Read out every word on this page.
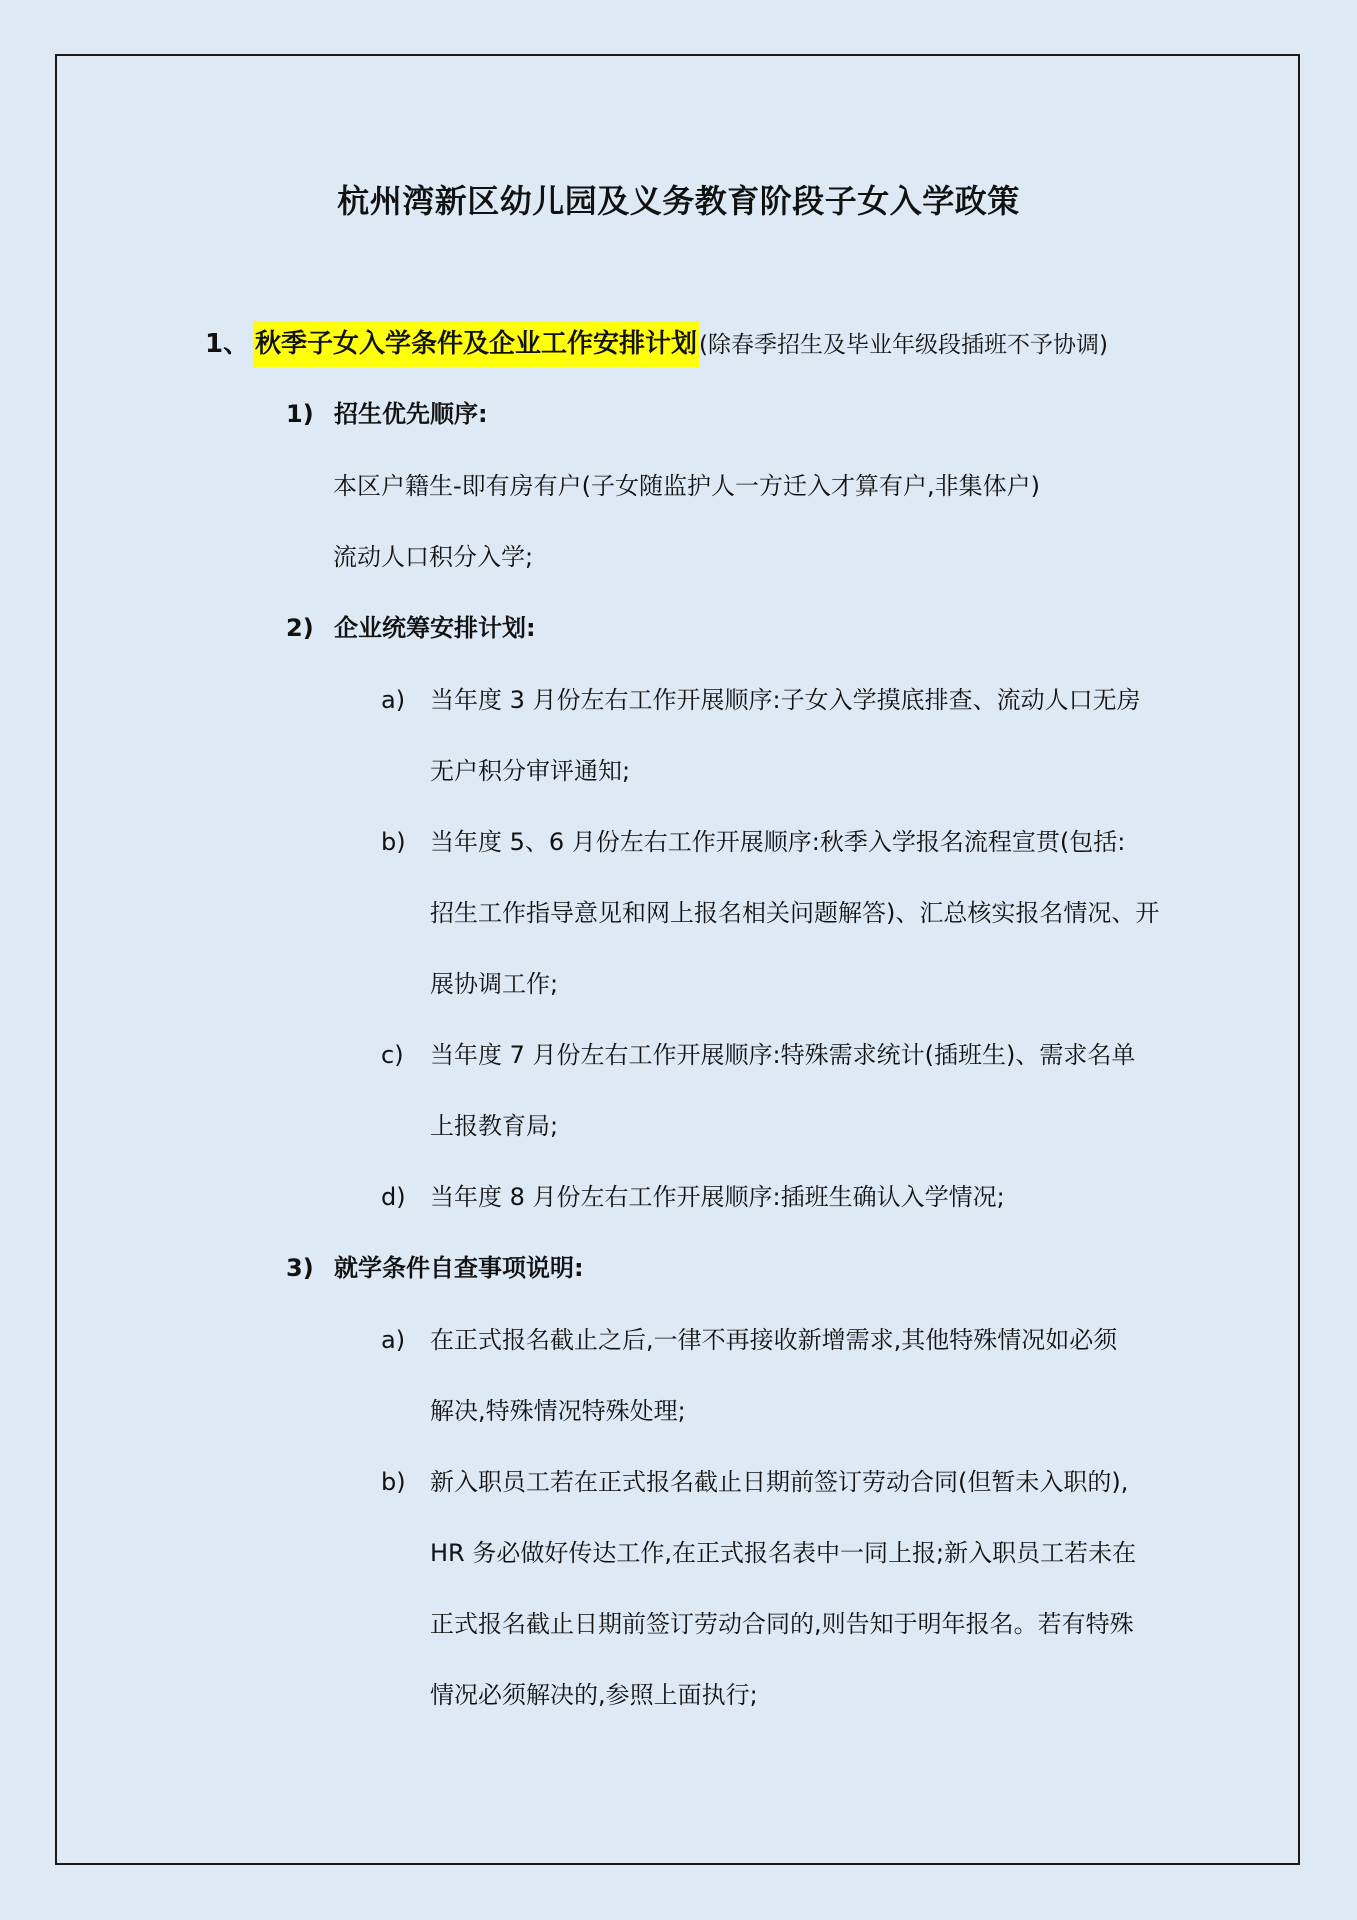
杭州湾新区幼儿园及义务教育阶段子女入学政策
1、 秋季子女入学条件及企业工作安排计划(除春季招生及毕业年级段插班不予协调)
1) 招生优先顺序:
本区户籍生-即有房有户(子女随监护人一方迁入才算有户,非集体户)
流动人口积分入学;
2) 企业统筹安排计划:
a) 当年度 3 月份左右工作开展顺序:子女入学摸底排查、流动人口无房
无户积分审评通知;
b) 当年度 5、6 月份左右工作开展顺序:秋季入学报名流程宣贯(包括:
招生工作指导意见和网上报名相关问题解答)、汇总核实报名情况、开
展协调工作;
c) 当年度 7 月份左右工作开展顺序:特殊需求统计(插班生)、需求名单
上报教育局;
d) 当年度 8 月份左右工作开展顺序:插班生确认入学情况;
3) 就学条件自查事项说明:
a) 在正式报名截止之后,一律不再接收新增需求,其他特殊情况如必须
解决,特殊情况特殊处理;
b) 新入职员工若在正式报名截止日期前签订劳动合同(但暂未入职的),
HR 务必做好传达工作,在正式报名表中一同上报;新入职员工若未在
正式报名截止日期前签订劳动合同的,则告知于明年报名。若有特殊
情况必须解决的,参照上面执行;
